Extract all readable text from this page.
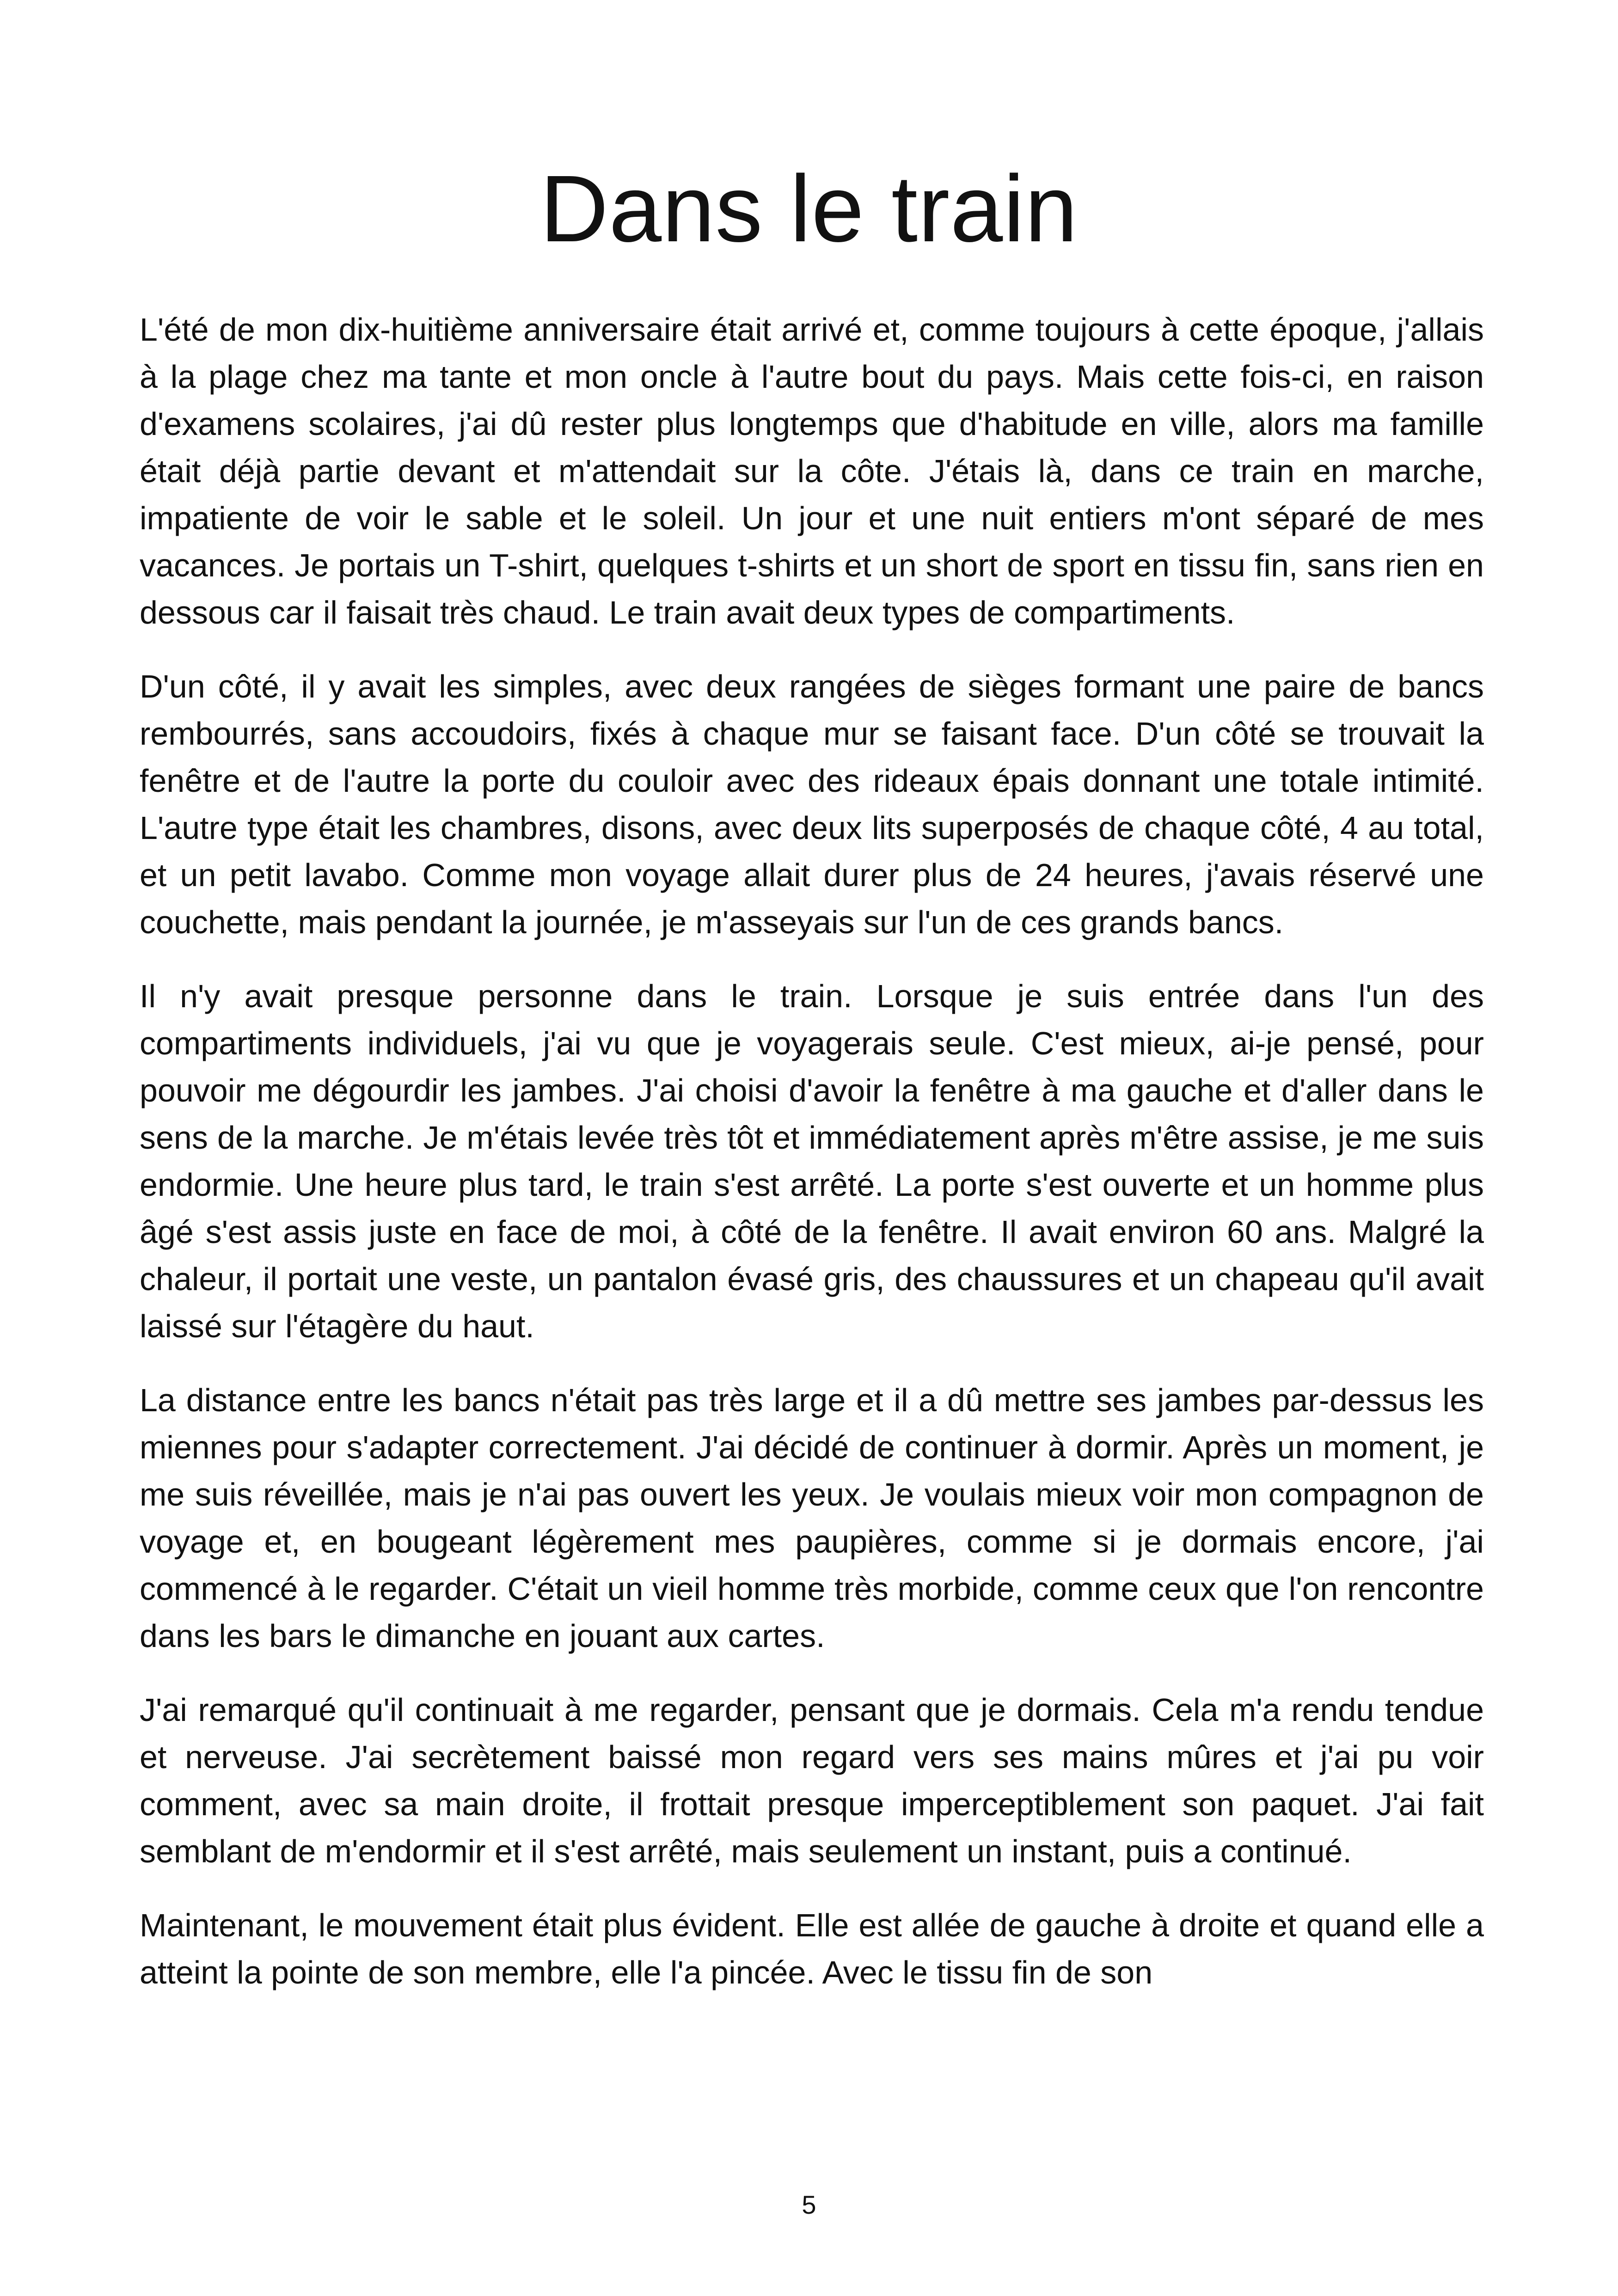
Dans le train

L'été de mon dix-huitième anniversaire était arrivé et, comme toujours à cette époque, j'allais à la plage chez ma tante et mon oncle à l'autre bout du pays. Mais cette fois-ci, en raison d'examens scolaires, j'ai dû rester plus longtemps que d'habitude en ville, alors ma famille était déjà partie devant et m'attendait sur la côte. J'étais là, dans ce train en marche, impatiente de voir le sable et le soleil. Un jour et une nuit entiers m'ont séparé de mes vacances. Je portais un T-shirt, quelques t-shirts et un short de sport en tissu fin, sans rien en dessous car il faisait très chaud. Le train avait deux types de compartiments.

D'un côté, il y avait les simples, avec deux rangées de sièges formant une paire de bancs rembourrés, sans accoudoirs, fixés à chaque mur se faisant face. D'un côté se trouvait la fenêtre et de l'autre la porte du couloir avec des rideaux épais donnant une totale intimité. L'autre type était les chambres, disons, avec deux lits superposés de chaque côté, 4 au total, et un petit lavabo. Comme mon voyage allait durer plus de 24 heures, j'avais réservé une couchette, mais pendant la journée, je m'asseyais sur l'un de ces grands bancs.

Il n'y avait presque personne dans le train. Lorsque je suis entrée dans l'un des compartiments individuels, j'ai vu que je voyagerais seule. C'est mieux, ai-je pensé, pour pouvoir me dégourdir les jambes. J'ai choisi d'avoir la fenêtre à ma gauche et d'aller dans le sens de la marche. Je m'étais levée très tôt et immédiatement après m'être assise, je me suis endormie. Une heure plus tard, le train s'est arrêté. La porte s'est ouverte et un homme plus âgé s'est assis juste en face de moi, à côté de la fenêtre. Il avait environ 60 ans. Malgré la chaleur, il portait une veste, un pantalon évasé gris, des chaussures et un chapeau qu'il avait laissé sur l'étagère du haut.

La distance entre les bancs n'était pas très large et il a dû mettre ses jambes par-dessus les miennes pour s'adapter correctement. J'ai décidé de continuer à dormir. Après un moment, je me suis réveillée, mais je n'ai pas ouvert les yeux. Je voulais mieux voir mon compagnon de voyage et, en bougeant légèrement mes paupières, comme si je dormais encore, j'ai commencé à le regarder. C'était un vieil homme très morbide, comme ceux que l'on rencontre dans les bars le dimanche en jouant aux cartes.

J'ai remarqué qu'il continuait à me regarder, pensant que je dormais. Cela m'a rendu tendue et nerveuse. J'ai secrètement baissé mon regard vers ses mains mûres et j'ai pu voir comment, avec sa main droite, il frottait presque imperceptiblement son paquet. J'ai fait semblant de m'endormir et il s'est arrêté, mais seulement un instant, puis a continué.

Maintenant, le mouvement était plus évident. Elle est allée de gauche à droite et quand elle a atteint la pointe de son membre, elle l'a pincée. Avec le tissu fin de son

5
